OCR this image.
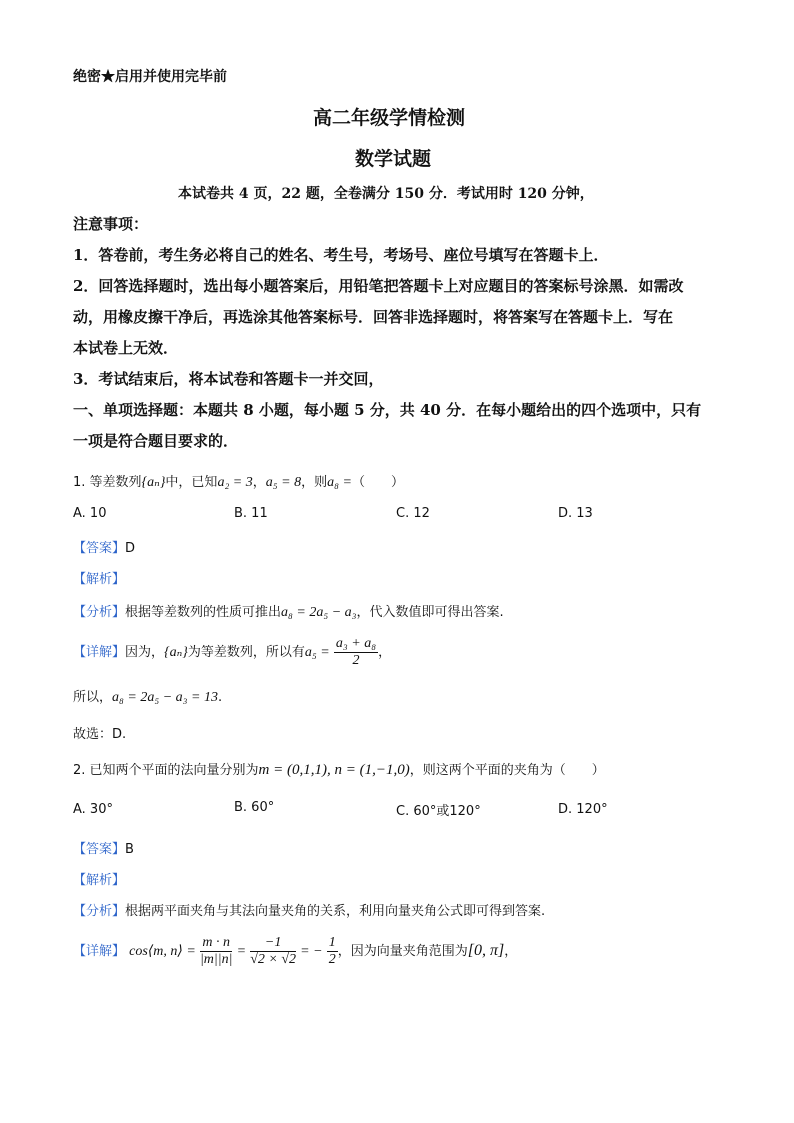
绝密★启用并使用完毕前
高二年级学情检测
数学试题
本试卷共 4 页，22 题，全卷满分 150 分．考试用时 120 分钟，
注意事项：
1．答卷前，考生务必将自己的姓名、考生号，考场号、座位号填写在答题卡上．
2．回答选择题时，选出每小题答案后，用铅笔把答题卡上对应题目的答案标号涂黑．如需改
动，用橡皮擦干净后，再选涂其他答案标号．回答非选择题时，将答案写在答题卡上．写在
本试卷上无效．
3．考试结束后，将本试卷和答题卡一并交回，
一、单项选择题：本题共 8 小题，每小题 5 分，共 40 分．在每小题给出的四个选项中，只有
一项是符合题目要求的．
1. 等差数列{aₙ}中，已知a₂ = 3，a₅ = 8，则a₈ =（　　）
A. 10	B. 11	C. 12	D. 13
【答案】D
【解析】
【分析】根据等差数列的性质可推出a₈ = 2a₅ − a₃，代入数值即可得出答案.
【详解】因为，{aₙ}为等差数列，所以有$a_5 = \frac{\text{a₃ + a₈}}{2}$ ，
所以，a₈ = 2a₅ − a₃ = 13.
故选：D.
2. 已知两个平面的法向量分别为m = (0,1,1), n = (1,−1,0)，则这两个平面的夹角为（　　）
A. 30°	B. 60°	C. 60°或120°	D. 120°
【答案】B
【解析】
【分析】根据两平面夹角与其法向量夹角的关系，利用向量夹角公式即可得到答案.
【详解】 cos⟨m, n⟩ = $\frac{m \cdot n}{|m||n|} = \frac{-1}{√2 \times √2}$ = − $\frac{1}{2}$ ，因为向量夹角范围为[0, π]，
